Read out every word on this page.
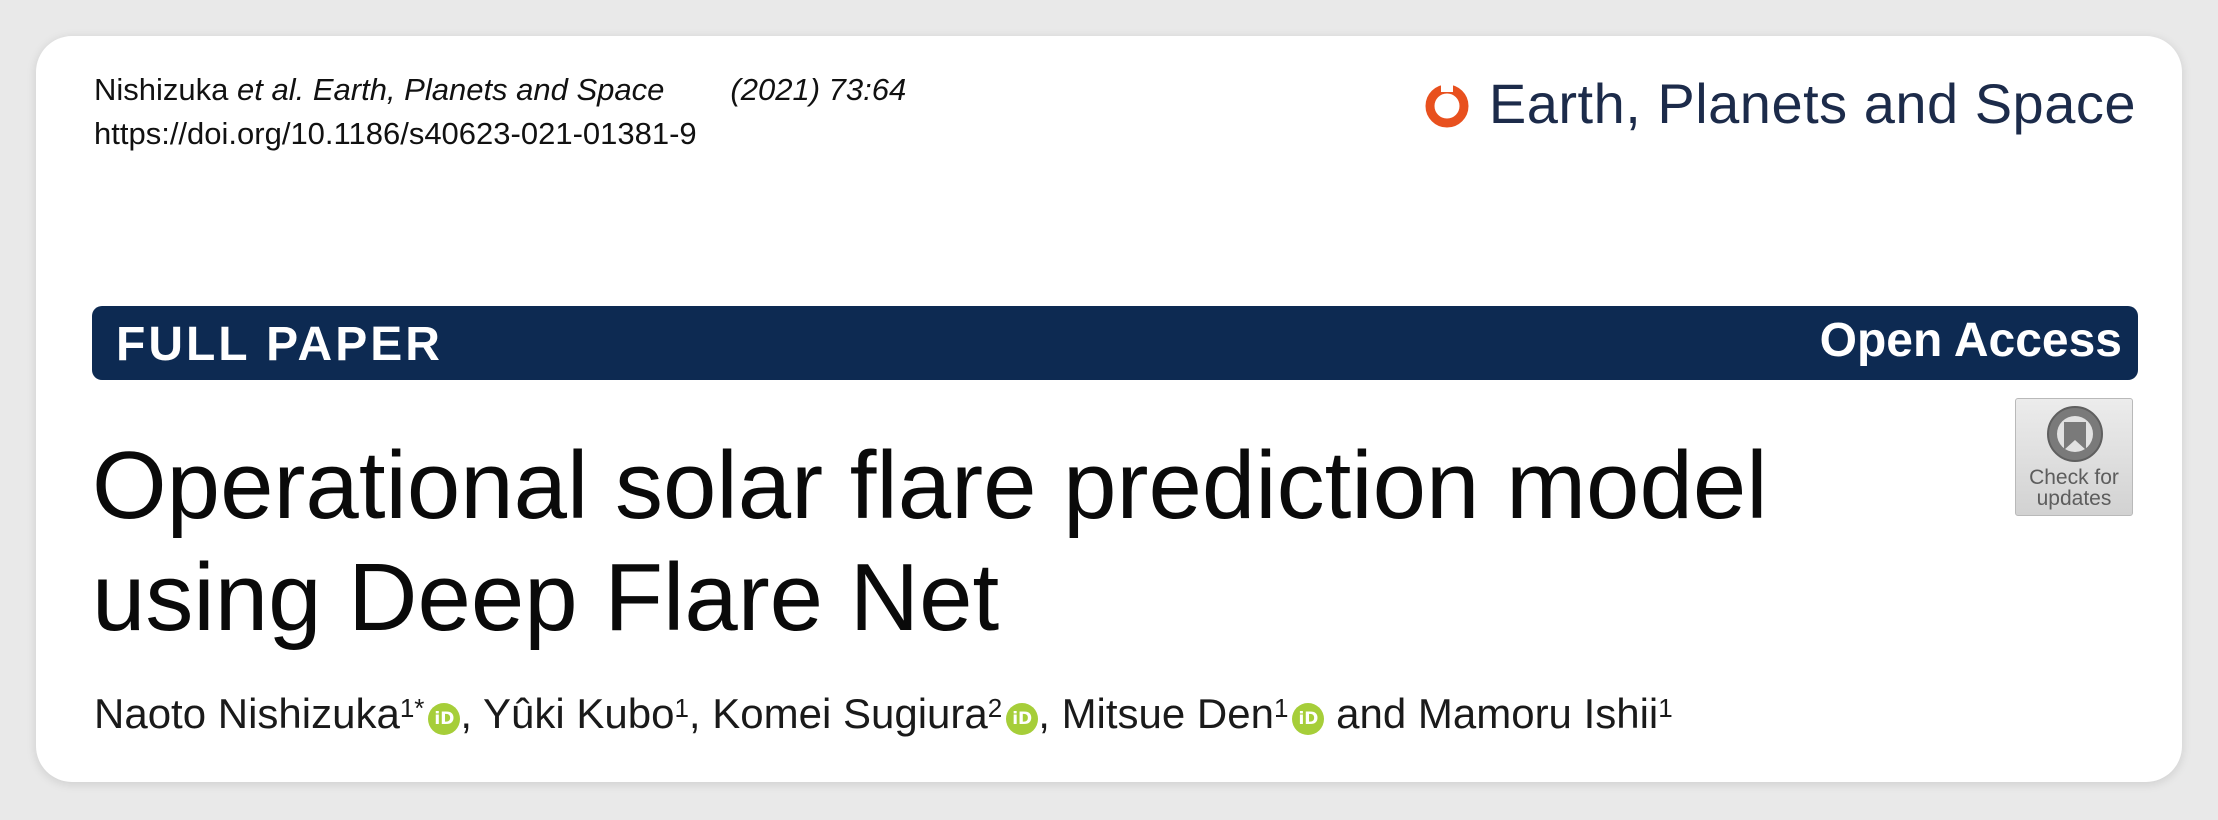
Nishizuka et al. Earth, Planets and Space (2021) 73:64
https://doi.org/10.1186/s40623-021-01381-9	Earth, Planets and Space
FULL PAPER	Open Access
Check for
updates
Operational solar flare prediction model
using Deep Flare Net
Naoto Nishizuka$^{1*}$ iD , Yûki Kubo$^1$, Komei Sugiura$^2$ iD , Mitsue Den$^1$ iD and Mamoru Ishii$^1$
